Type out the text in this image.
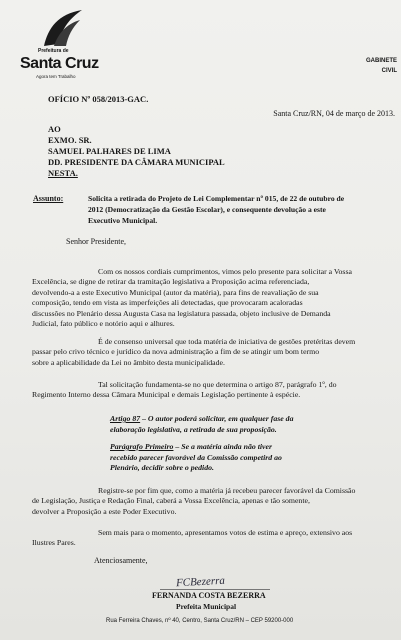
Prefeitura de
Santa Cruz
Agora tem Trabalho
GABINETE
CIVIL
OFÍCIO Nº 058/2013-GAC.
Santa Cruz/RN, 04 de março de 2013.
AO
EXMO. SR.
SAMUEL PALHARES DE LIMA
DD. PRESIDENTE DA CÂMARA MUNICIPAL
NESTA.
Assunto:	Solicita a retirada do Projeto de Lei Complementar nº 015, de 22 de outubro de
2012 (Democratização da Gestão Escolar), e consequente devolução a este
Executivo Municipal.
Senhor Presidente,
Com os nossos cordiais cumprimentos, vimos pelo presente para solicitar a Vossa
Excelência, se digne de retirar da tramitação legislativa a Proposição acima referenciada,
devolvendo-a a este Executivo Municipal (autor da matéria), para fins de reavaliação de sua
composição, tendo em vista as imperfeições ali detectadas, que provocaram acaloradas
discussões no Plenário dessa Augusta Casa na legislatura passada, objeto inclusive de Demanda
Judicial, fato público e notório aqui e alhures.
É de consenso universal que toda matéria de iniciativa de gestões pretéritas devem
passar pelo crivo técnico e jurídico da nova administração a fim de se atingir um bom termo
sobre a aplicabilidade da Lei no âmbito desta municipalidade.
Tal solicitação fundamenta-se no que determina o artigo 87, parágrafo 1º, do
Regimento Interno dessa Câmara Municipal e demais Legislação pertinente à espécie.
Artigo 87 – O autor poderá solicitar, em qualquer fase da
elaboração legislativa, a retirada de sua proposição.
Parágrafo Primeiro – Se a matéria ainda não tiver
recebido parecer favorável da Comissão competird ao
Plenário, decidir sobre o pedido.
Registre-se por fim que, como a matéria já recebeu parecer favorável da Comissão
de Legislação, Justiça e Redação Final, caberá a Vossa Excelência, apenas e tão somente,
devolver a Proposição a este Poder Executivo.
Sem mais para o momento, apresentamos votos de estima e apreço, extensivo aos
Ilustres Pares.
Atenciosamente,
FCBezerra
FERNANDA COSTA BEZERRA
Prefeita Municipal
Rua Ferreira Chaves, nº 40, Centro, Santa Cruz/RN – CEP 59200-000
